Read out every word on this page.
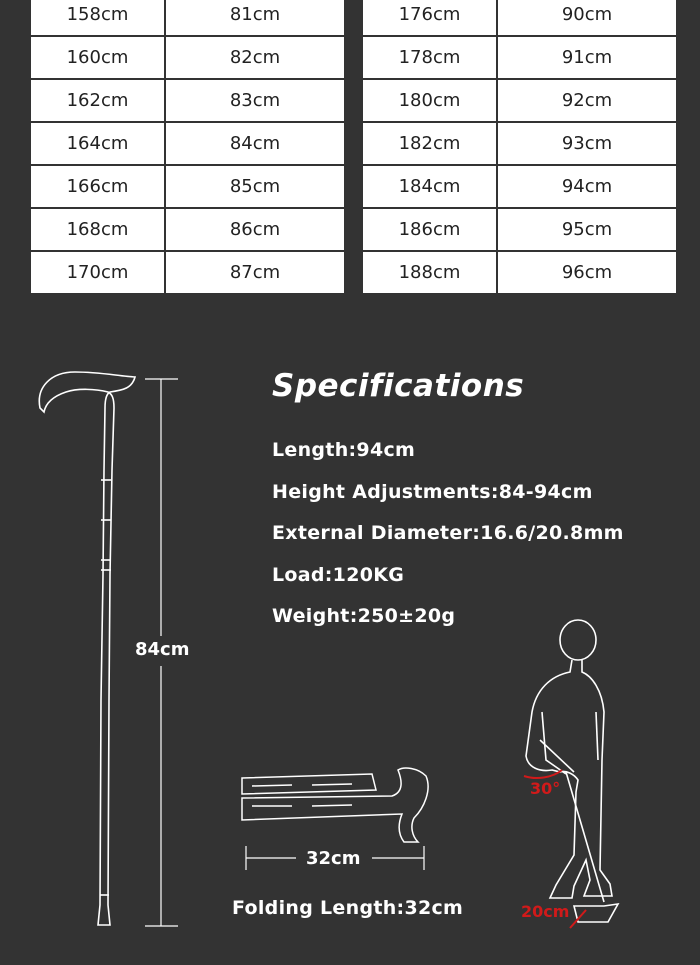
158cm	81cm
160cm	82cm
162cm	83cm
164cm	84cm
166cm	85cm
168cm	86cm
170cm	87cm
176cm	90cm
178cm	91cm
180cm	92cm
182cm	93cm
184cm	94cm
186cm	95cm
188cm	96cm
84cm
32cm
Folding Length:32cm
30°
20cm
Specifications
Length:94cm
Height Adjustments:84-94cm
External Diameter:16.6/20.8mm
Load:120KG
Weight:250±20g
